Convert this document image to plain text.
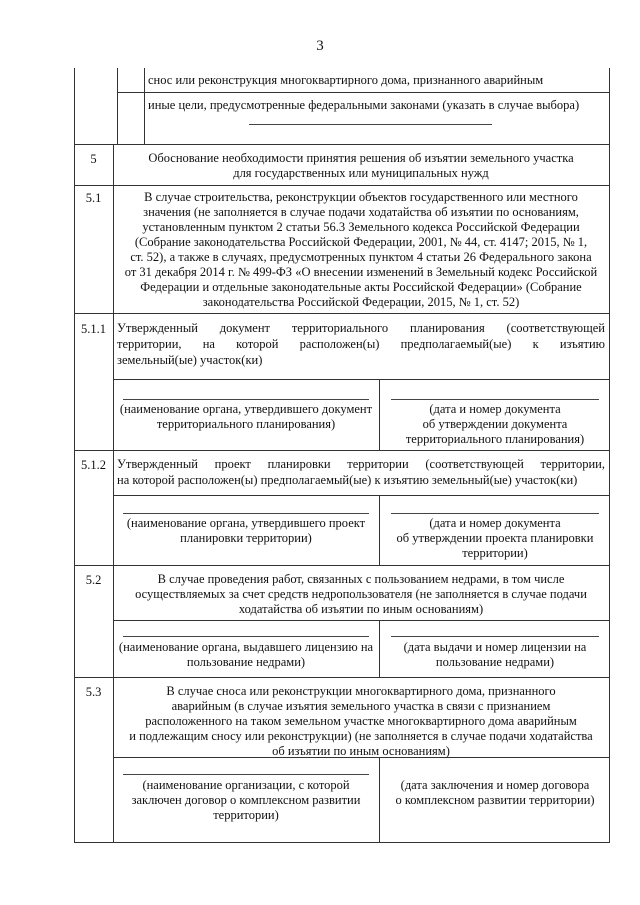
3
снос или реконструкция многоквартирного дома, признанного аварийным
иные цели, предусмотренные федеральными законами (указать в случае выбора)
5	Обоснование необходимости принятия решения об изъятии земельного участка
для государственных или муниципальных нужд
5.1	В случае строительства, реконструкции объектов государственного или местного
значения (не заполняется в случае подачи ходатайства об изъятии по основаниям,
установленным пунктом 2 статьи 56.3 Земельного кодекса Российской Федерации
(Собрание законодательства Российской Федерации, 2001, № 44, ст. 4147; 2015, № 1,
ст. 52), а также в случаях, предусмотренных пунктом 4 статьи 26 Федерального закона
от 31 декабря 2014 г. № 499-ФЗ «О внесении изменений в Земельный кодекс Российской
Федерации и отдельные законодательные акты Российской Федерации» (Собрание
законодательства Российской Федерации, 2015, № 1, ст. 52)
5.1.1 Утвержденный документ территориального планирования (соответствующей
территории, на которой расположен(ы) предполагаемый(ые) к изъятию
земельный(ые) участок(ки)
(наименование органа, утвердившего документ
территориального планирования)
(дата и номер документа
об утверждении документа
территориального планирования)
5.1.2 Утвержденный проект планировки территории (соответствующей территории,
на которой расположен(ы) предполагаемый(ые) к изъятию земельный(ые) участок(ки)
(наименование органа, утвердившего проект
планировки территории)
(дата и номер документа
об утверждении проекта планировки
территории)
5.2	В случае проведения работ, связанных с пользованием недрами, в том числе
осуществляемых за счет средств недропользователя (не заполняется в случае подачи
ходатайства об изъятии по иным основаниям)
(наименование органа, выдавшего лицензию на
пользование недрами)
(дата выдачи и номер лицензии на
пользование недрами)
5.3	В случае сноса или реконструкции многоквартирного дома, признанного
аварийным (в случае изъятия земельного участка в связи с признанием
расположенного на таком земельном участке многоквартирного дома аварийным
и подлежащим сносу или реконструкции) (не заполняется в случае подачи ходатайства
об изъятии по иным основаниям)
(наименование организации, с которой
заключен договор о комплексном развитии
территории)
(дата заключения и номер договора
о комплексном развитии территории)
